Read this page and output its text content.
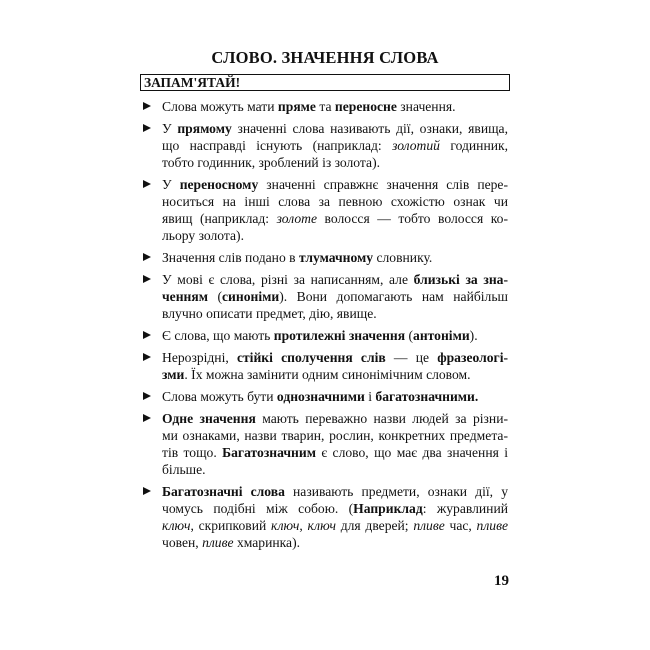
СЛОВО. ЗНАЧЕННЯ СЛОВА
ЗАПАМ'ЯТАЙ!
Слова можуть мати пряме та переносне значення.
У прямому значенні слова називають дії, ознаки, явища,
що насправді існують (наприклад: золотий годинник,
тобто годинник, зроблений із золота).
У переносному значенні справжнє значення слів пере-
носиться на інші слова за певною схожістю ознак чи
явищ (наприклад: золоте волосся — тобто волосся ко-
льору золота).
Значення слів подано в тлумачному словнику.
У мові є слова, різні за написанням, але близькі за зна-
ченням (синоніми). Вони допомагають нам найбільш
влучно описати предмет, дію, явище.
Є слова, що мають протилежні значення (антоніми).
Нерозрідні, стійкі сполучення слів — це фразеологі-
зми. Їх можна замінити одним синонімічним словом.
Слова можуть бути однозначними і багатозначними.
Одне значення мають переважно назви людей за різни-
ми ознаками, назви тварин, рослин, конкретних предмета-
тів тощо. Багатозначним є слово, що має два значення і
більше.
Багатозначні слова називають предмети, ознаки дії, у
чомусь подібні між собою. (Наприклад: журавлиний
ключ, скрипковий ключ, ключ для дверей; пливе час, пливе
човен, пливе хмаринка).
19
